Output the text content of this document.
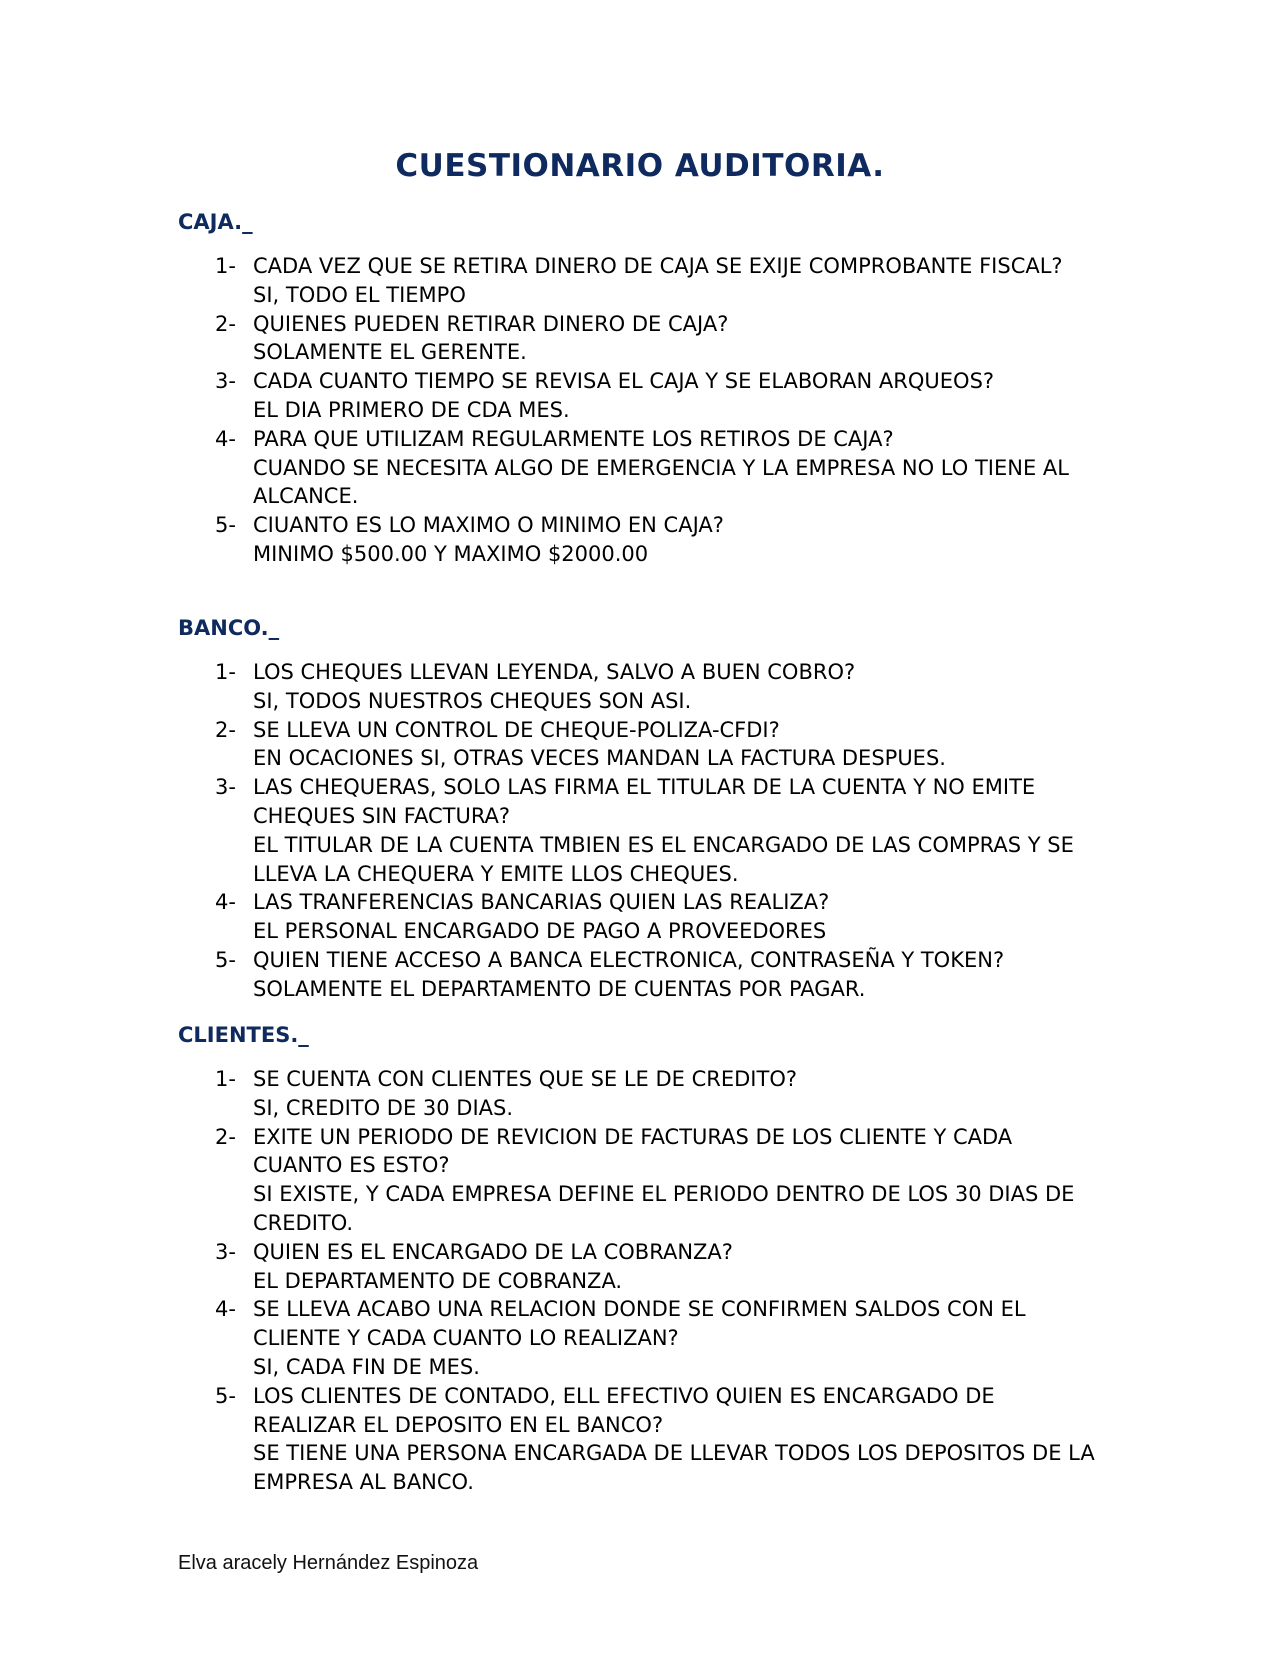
CUESTIONARIO AUDITORIA.
CAJA._
1- CADA VEZ QUE SE RETIRA DINERO DE CAJA SE EXIJE COMPROBANTE FISCAL?
SI, TODO EL TIEMPO
2- QUIENES PUEDEN RETIRAR DINERO DE CAJA?
SOLAMENTE EL GERENTE.
3- CADA CUANTO TIEMPO SE REVISA EL CAJA Y SE ELABORAN ARQUEOS?
EL DIA PRIMERO DE CDA MES.
4- PARA QUE UTILIZAM REGULARMENTE LOS RETIROS DE CAJA?
CUANDO SE NECESITA ALGO DE EMERGENCIA Y LA EMPRESA NO LO TIENE AL ALCANCE.
5- CIUANTO ES LO MAXIMO O MINIMO EN CAJA?
MINIMO $500.00 Y MAXIMO $2000.00
BANCO._
1- LOS CHEQUES LLEVAN LEYENDA, SALVO A BUEN COBRO?
SI, TODOS NUESTROS CHEQUES SON ASI.
2- SE LLEVA UN CONTROL DE CHEQUE-POLIZA-CFDI?
EN OCACIONES SI, OTRAS VECES MANDAN LA FACTURA DESPUES.
3- LAS CHEQUERAS, SOLO LAS FIRMA EL TITULAR DE LA CUENTA Y NO EMITE CHEQUES SIN FACTURA?
EL TITULAR DE LA CUENTA TMBIEN ES EL ENCARGADO DE LAS COMPRAS Y SE LLEVA LA CHEQUERA Y EMITE LLOS CHEQUES.
4- LAS TRANFERENCIAS BANCARIAS QUIEN LAS REALIZA?
EL PERSONAL ENCARGADO DE PAGO A PROVEEDORES
5- QUIEN TIENE ACCESO A BANCA ELECTRONICA, CONTRASEÑA Y TOKEN?
SOLAMENTE EL DEPARTAMENTO DE CUENTAS POR PAGAR.
CLIENTES._
1- SE CUENTA CON CLIENTES QUE SE LE DE CREDITO?
SI, CREDITO DE 30 DIAS.
2- EXITE UN PERIODO DE REVICION DE FACTURAS DE LOS CLIENTE Y CADA CUANTO ES ESTO?
SI EXISTE, Y CADA EMPRESA DEFINE EL PERIODO DENTRO DE LOS 30 DIAS DE CREDITO.
3- QUIEN ES EL ENCARGADO DE LA COBRANZA?
EL DEPARTAMENTO DE COBRANZA.
4- SE LLEVA ACABO UNA RELACION DONDE SE CONFIRMEN SALDOS CON EL CLIENTE Y CADA CUANTO LO REALIZAN?
SI, CADA FIN DE MES.
5- LOS CLIENTES DE CONTADO, ELL EFECTIVO QUIEN ES ENCARGADO DE REALIZAR EL DEPOSITO EN EL BANCO?
SE TIENE UNA PERSONA ENCARGADA DE LLEVAR TODOS LOS DEPOSITOS DE LA EMPRESA AL BANCO.
Elva aracely Hernández Espinoza
